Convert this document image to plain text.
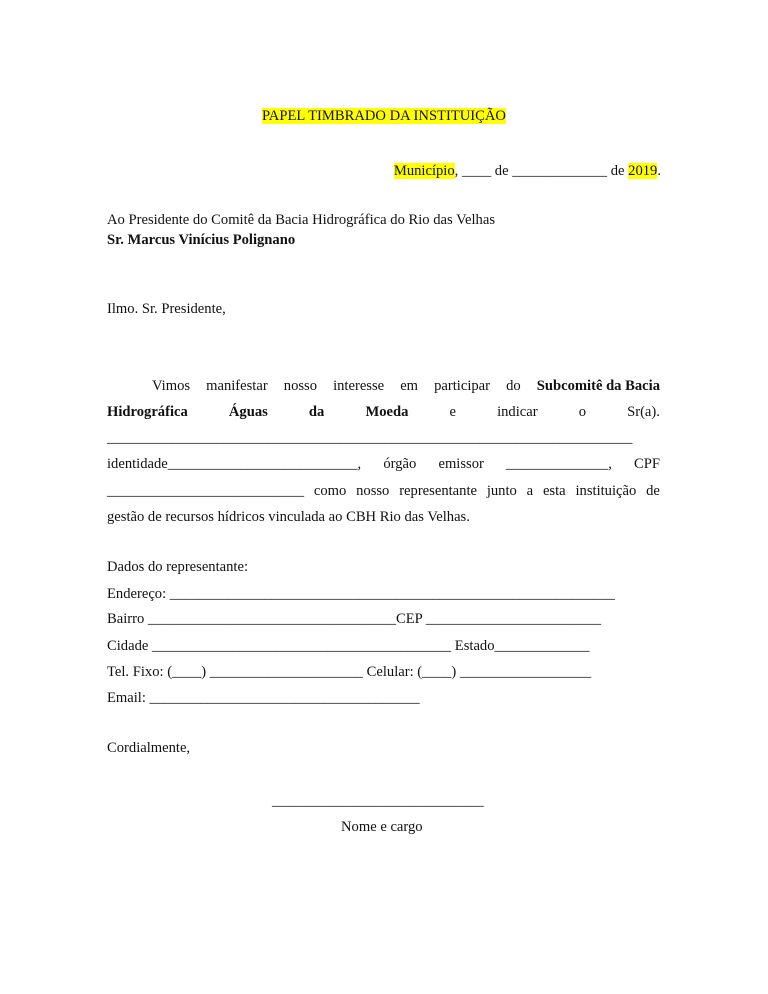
PAPEL TIMBRADO DA INSTITUIÇÃO
Município, ____ de _____________ de 2019.
Ao Presidente do Comitê da Bacia Hidrográfica do Rio das Velhas
Sr. Marcus Vinícius Polignano
Ilmo. Sr. Presidente,
Vimos manifestar nosso interesse em participar do Subcomitê da Bacia
Hidrográfica	Águas	da	Moeda	e	indicar	o	Sr(a).
________________________________________________________________________
identidade__________________________, órgão emissor ______________, CPF
___________________________ como nosso representante junto a esta instituição de
gestão de recursos hídricos vinculada ao CBH Rio das Velhas.
Dados do representante:
Endereço: _____________________________________________________________
Bairro __________________________________CEP ________________________
Cidade _________________________________________ Estado_____________
Tel. Fixo: (____) _____________________ Celular: (____) __________________
Email: _____________________________________
Cordialmente,
_____________________________
Nome e cargo
